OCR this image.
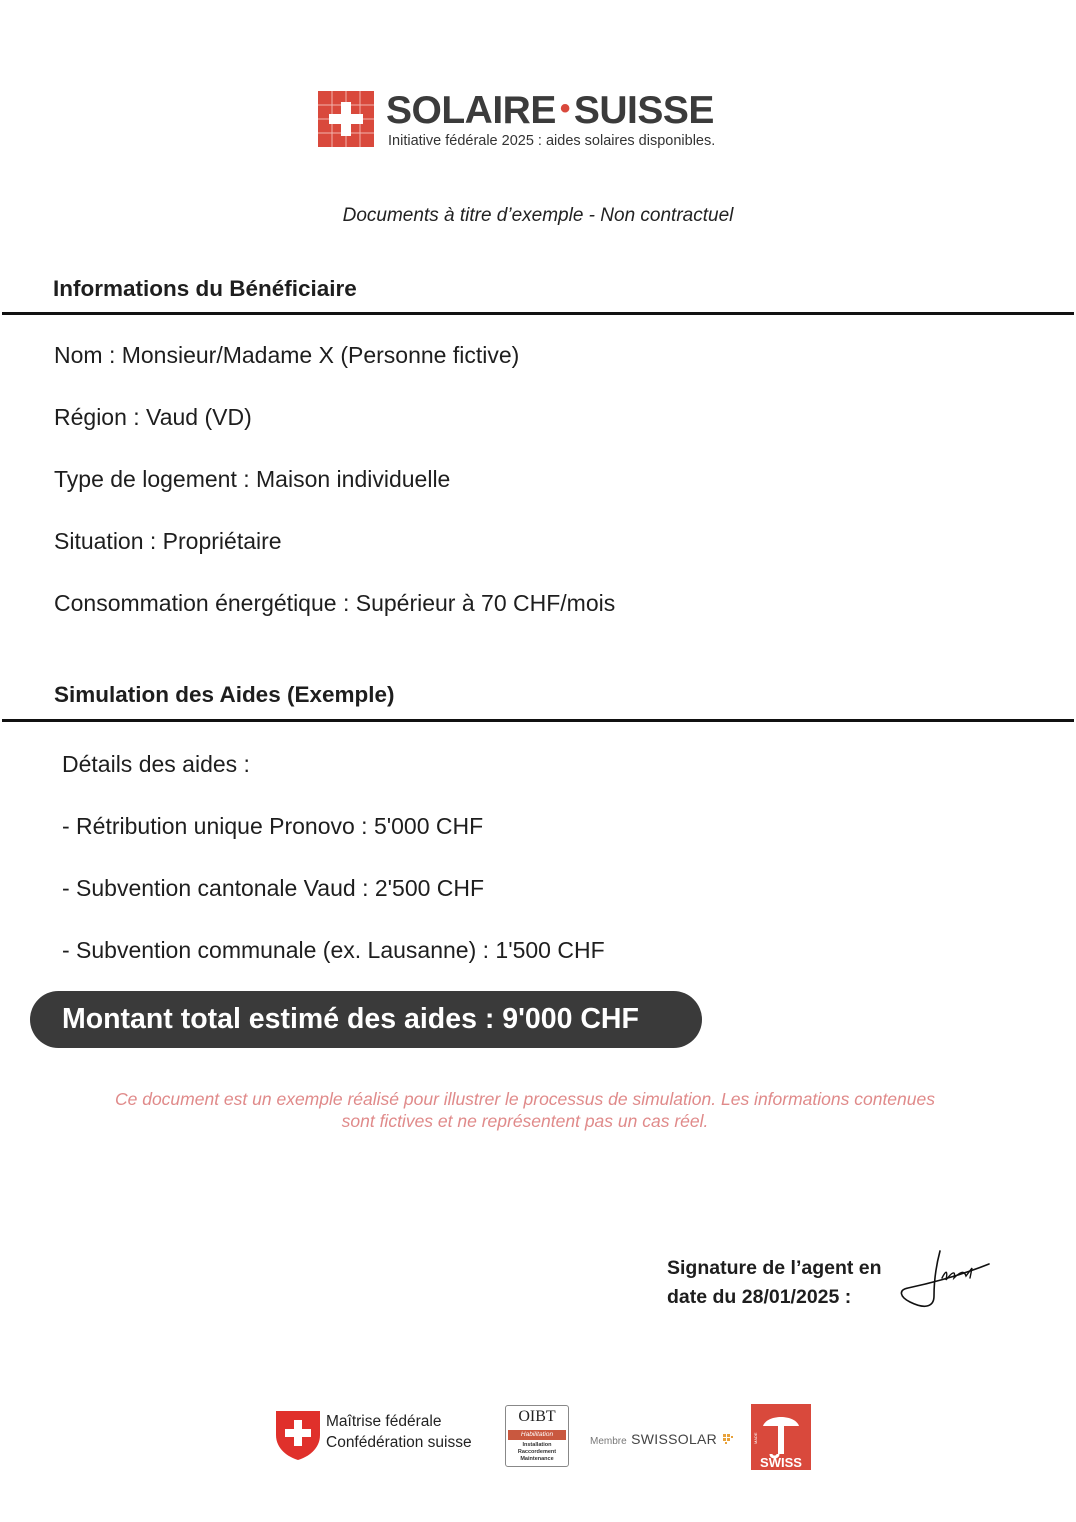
SOLAIRE • SUISSE
Initiative fédérale 2025 : aides solaires disponibles.
Documents à titre d’exemple - Non contractuel
Informations du Bénéficiaire
Nom : Monsieur/Madame X (Personne fictive)
Région : Vaud (VD)
Type de logement : Maison individuelle
Situation : Propriétaire
Consommation énergétique : Supérieur à 70 CHF/mois
Simulation des Aides (Exemple)
Détails des aides :
- Rétribution unique Pronovo : 5'000 CHF
- Subvention cantonale Vaud : 2'500 CHF
- Subvention communale (ex. Lausanne) : 1'500 CHF
Montant total estimé des aides : 9'000 CHF
Ce document est un exemple réalisé pour illustrer le processus de simulation. Les informations contenues
sont fictives et ne représentent pas un cas réel.
Signature de l’agent en
date du 28/01/2025 :
Maîtrise fédérale
Confédération suisse
OIBT
Habilitation
Installation
Raccordement
Maintenance
Membre SWISSOLAR	MADE
SWISS
